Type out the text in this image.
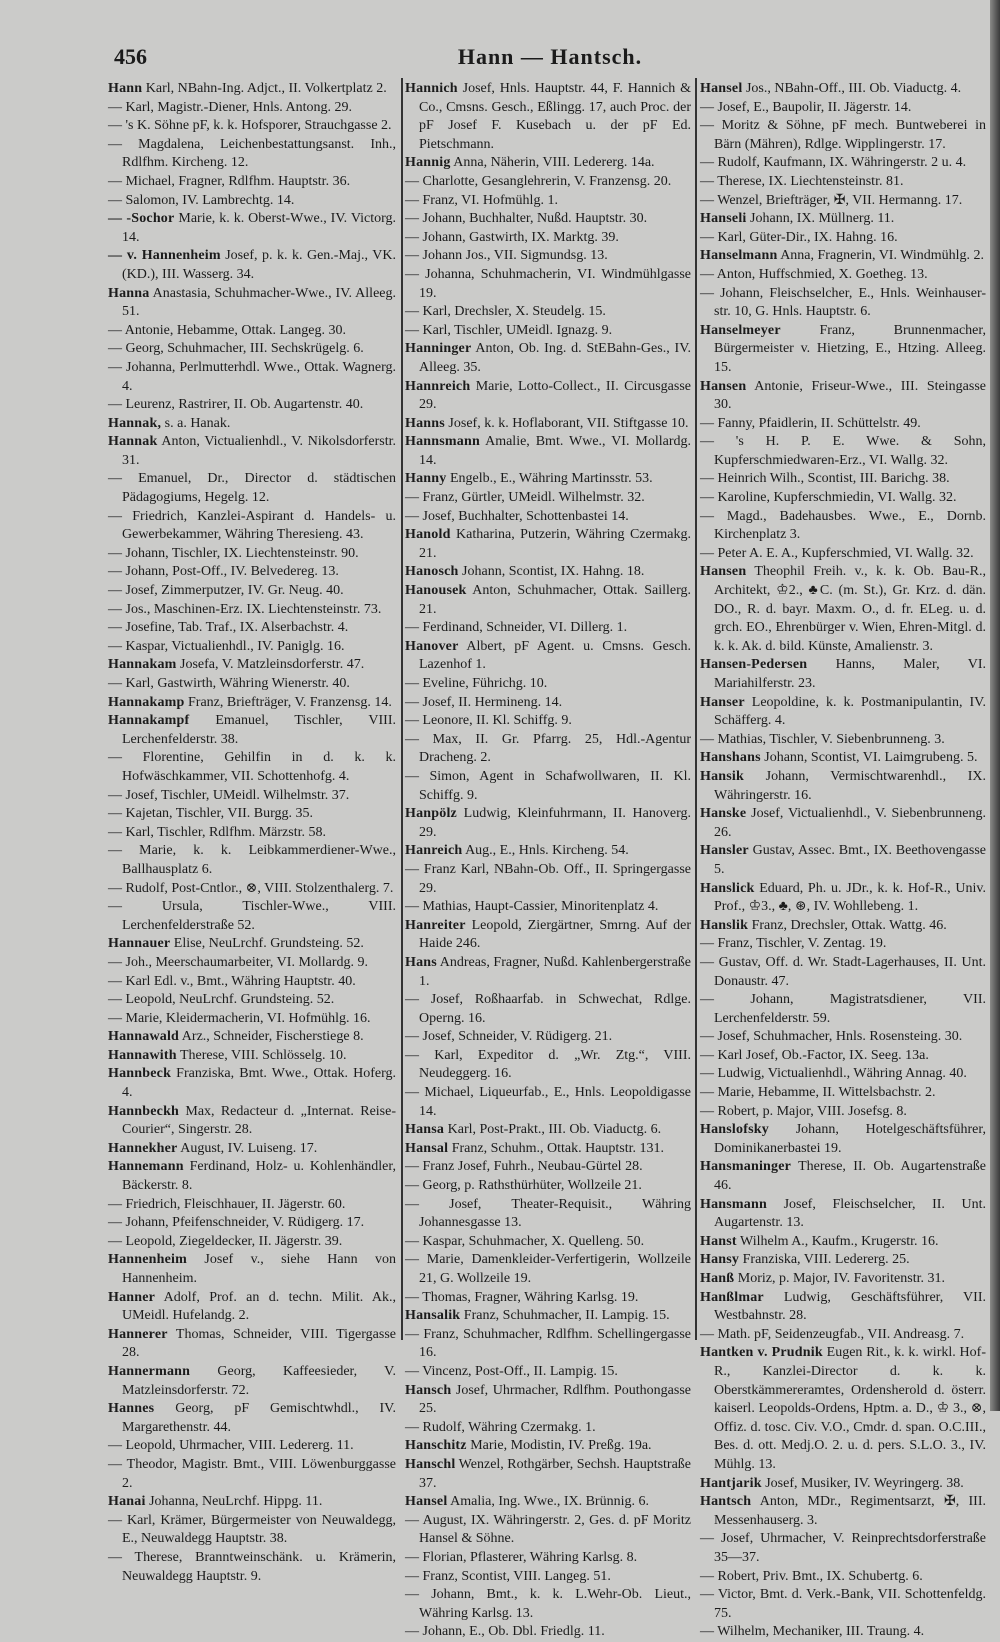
456	Hann — Hantsch.
Hann Karl, NBahn-Ing. Adjct., II. Volkertplatz 2.
— Karl, Magistr.-Diener, Hnls. Antong. 29.
— 's K. Söhne pF, k. k. Hofsporer, Strauchgasse 2.
— Magdalena, Leichenbestattungsanst. Inh., Rdlfhm. Kircheng. 12.
— Michael, Fragner, Rdlfhm. Hauptstr. 36.
— Salomon, IV. Lambrechtg. 14.
— -Sochor Marie, k. k. Oberst-Wwe., IV. Victorg. 14.
— v. Hannenheim Josef, p. k. k. Gen.-Maj., VK. (KD.), III. Wasserg. 34.
Hanna Anastasia, Schuhmacher-Wwe., IV. Alleeg. 51.
— Antonie, Hebamme, Ottak. Langeg. 30.
— Georg, Schuhmacher, III. Sechskrügelg. 6.
— Johanna, Perlmutterhdl. Wwe., Ottak. Wagnerg. 4.
— Leurenz, Rastrirer, II. Ob. Augartenstr. 40.
Hannak, s. a. Hanak.
Hannak Anton, Victualienhdl., V. Nikolsdorferstr. 31.
— Emanuel, Dr., Director d. städtischen Pädagogiums, Hegelg. 12.
— Friedrich, Kanzlei-Aspirant d. Handels- u. Gewerbekammer, Währing Theresieng. 43.
— Johann, Tischler, IX. Liechtensteinstr. 90.
— Johann, Post-Off., IV. Belvedereg. 13.
— Josef, Zimmerputzer, IV. Gr. Neug. 40.
— Jos., Maschinen-Erz. IX. Liechtensteinstr. 73.
— Josefine, Tab. Traf., IX. Alserbachstr. 4.
— Kaspar, Victualienhdl., IV. Paniglg. 16.
Hannakam Josefa, V. Matzleinsdorferstr. 47.
— Karl, Gastwirth, Währing Wienerstr. 40.
Hannakamp Franz, Briefträger, V. Franzensg. 14.
Hannakampf Emanuel, Tischler, VIII. Lerchenfelderstr. 38.
— Florentine, Gehilfin in d. k. k. Hofwäschkammer, VII. Schottenhofg. 4.
— Josef, Tischler, UMeidl. Wilhelmstr. 37.
— Kajetan, Tischler, VII. Burgg. 35.
— Karl, Tischler, Rdlfhm. Märzstr. 58.
— Marie, k. k. Leibkammerdiener-Wwe., Ballhausplatz 6.
— Rudolf, Post-Cntlor., ⊗, VIII. Stolzenthalerg. 7.
— Ursula, Tischler-Wwe., VIII. Lerchenfelderstraße 52.
Hannauer Elise, NeuLrchf. Grundsteing. 52.
— Joh., Meerschaumarbeiter, VI. Mollardg. 9.
— Karl Edl. v., Bmt., Währing Hauptstr. 40.
— Leopold, NeuLrchf. Grundsteing. 52.
— Marie, Kleidermacherin, VI. Hofmühlg. 16.
Hannawald Arz., Schneider, Fischerstiege 8.
Hannawith Therese, VIII. Schlösselg. 10.
Hannbeck Franziska, Bmt. Wwe., Ottak. Hoferg. 4.
Hannbeckh Max, Redacteur d. „Internat. Reise-Courier“, Singerstr. 28.
Hannekher August, IV. Luiseng. 17.
Hannemann Ferdinand, Holz- u. Kohlenhändler, Bäckerstr. 8.
— Friedrich, Fleischhauer, II. Jägerstr. 60.
— Johann, Pfeifenschneider, V. Rüdigerg. 17.
— Leopold, Ziegeldecker, II. Jägerstr. 39.
Hannenheim Josef v., siehe Hann von Hannenheim.
Hanner Adolf, Prof. an d. techn. Milit. Ak., UMeidl. Hufelandg. 2.
Hannerer Thomas, Schneider, VIII. Tigergasse 28.
Hannermann Georg, Kaffeesieder, V. Matzleinsdorferstr. 72.
Hannes Georg, pF Gemischtwhdl., IV. Margarethenstr. 44.
— Leopold, Uhrmacher, VIII. Ledererg. 11.
— Theodor, Magistr. Bmt., VIII. Löwenburggasse 2.
Hanai Johanna, NeuLrchf. Hippg. 11.
— Karl, Krämer, Bürgermeister von Neuwaldegg, E., Neuwaldegg Hauptstr. 38.
— Therese, Branntweinschänk. u. Krämerin, Neuwaldegg Hauptstr. 9.
Hannich Josef, Hnls. Hauptstr. 44, F. Hannich & Co., Cmsns. Gesch., Eßlingg. 17, auch Proc. der pF Josef F. Kusebach u. der pF Ed. Pietschmann.
Hannig Anna, Näherin, VIII. Ledererg. 14a.
— Charlotte, Gesanglehrerin, V. Franzensg. 20.
— Franz, VI. Hofmühlg. 1.
— Johann, Buchhalter, Nußd. Hauptstr. 30.
— Johann, Gastwirth, IX. Marktg. 39.
— Johann Jos., VII. Sigmundsg. 13.
— Johanna, Schuhmacherin, VI. Windmühlgasse 19.
— Karl, Drechsler, X. Steudelg. 15.
— Karl, Tischler, UMeidl. Ignazg. 9.
Hanninger Anton, Ob. Ing. d. StEBahn-Ges., IV. Alleeg. 35.
Hannreich Marie, Lotto-Collect., II. Circusgasse 29.
Hanns Josef, k. k. Hoflaborant, VII. Stiftgasse 10.
Hannsmann Amalie, Bmt. Wwe., VI. Mollardg. 14.
Hanny Engelb., E., Währing Martinsstr. 53.
— Franz, Gürtler, UMeidl. Wilhelmstr. 32.
— Josef, Buchhalter, Schottenbastei 14.
Hanold Katharina, Putzerin, Währing Czermakg. 21.
Hanosch Johann, Scontist, IX. Hahng. 18.
Hanousek Anton, Schuhmacher, Ottak. Saillerg. 21.
— Ferdinand, Schneider, VI. Dillerg. 1.
Hanover Albert, pF Agent. u. Cmsns. Gesch. Lazenhof 1.
— Eveline, Führichg. 10.
— Josef, II. Hermineng. 14.
— Leonore, II. Kl. Schiffg. 9.
— Max, II. Gr. Pfarrg. 25, Hdl.-Agentur Dracheng. 2.
— Simon, Agent in Schafwollwaren, II. Kl. Schiffg. 9.
Hanpölz Ludwig, Kleinfuhrmann, II. Hanoverg. 29.
Hanreich Aug., E., Hnls. Kircheng. 54.
— Franz Karl, NBahn-Ob. Off., II. Springergasse 29.
— Mathias, Haupt-Cassier, Minoritenplatz 4.
Hanreiter Leopold, Ziergärtner, Smrng. Auf der Haide 246.
Hans Andreas, Fragner, Nußd. Kahlenbergerstraße 1.
— Josef, Roßhaarfab. in Schwechat, Rdlge. Operng. 16.
— Josef, Schneider, V. Rüdigerg. 21.
— Karl, Expeditor d. „Wr. Ztg.“, VIII. Neudeggerg. 16.
— Michael, Liqueurfab., E., Hnls. Leopoldigasse 14.
Hansa Karl, Post-Prakt., III. Ob. Viaductg. 6.
Hansal Franz, Schuhm., Ottak. Hauptstr. 131.
— Franz Josef, Fuhrh., Neubau-Gürtel 28.
— Georg, p. Rathsthürhüter, Wollzeile 21.
— Josef, Theater-Requisit., Währing Johannesgasse 13.
— Kaspar, Schuhmacher, X. Quelleng. 50.
— Marie, Damenkleider-Verfertigerin, Wollzeile 21, G. Wollzeile 19.
— Thomas, Fragner, Währing Karlsg. 19.
Hansalik Franz, Schuhmacher, II. Lampig. 15.
— Franz, Schuhmacher, Rdlfhm. Schellingergasse 16.
— Vincenz, Post-Off., II. Lampig. 15.
Hansch Josef, Uhrmacher, Rdlfhm. Pouthongasse 25.
— Rudolf, Währing Czermakg. 1.
Hanschitz Marie, Modistin, IV. Preßg. 19a.
Hanschl Wenzel, Rothgärber, Sechsh. Hauptstraße 37.
Hansel Amalia, Ing. Wwe., IX. Brünnig. 6.
— August, IX. Währingerstr. 2, Ges. d. pF Moritz Hansel & Söhne.
— Florian, Pflasterer, Währing Karlsg. 8.
— Franz, Scontist, VIII. Langeg. 51.
— Johann, Bmt., k. k. L.Wehr-Ob. Lieut., Währing Karlsg. 13.
— Johann, E., Ob. Dbl. Friedlg. 11.
Hansel Jos., NBahn-Off., III. Ob. Viaductg. 4.
— Josef, E., Baupolir, II. Jägerstr. 14.
— Moritz & Söhne, pF mech. Buntweberei in Bärn (Mähren), Rdlge. Wipplingerstr. 17.
— Rudolf, Kaufmann, IX. Währingerstr. 2 u. 4.
— Therese, IX. Liechtensteinstr. 81.
— Wenzel, Briefträger, ✠, VII. Hermanng. 17.
Hanseli Johann, IX. Müllnerg. 11.
— Karl, Güter-Dir., IX. Hahng. 16.
Hanselmann Anna, Fragnerin, VI. Windmühlg. 2.
— Anton, Huffschmied, X. Goetheg. 13.
— Johann, Fleischselcher, E., Hnls. Weinhauser-str. 10, G. Hnls. Hauptstr. 6.
Hanselmeyer Franz, Brunnenmacher, Bürgermeister v. Hietzing, E., Htzing. Alleeg. 15.
Hansen Antonie, Friseur-Wwe., III. Steingasse 30.
— Fanny, Pfaidlerin, II. Schüttelstr. 49.
— 's H. P. E. Wwe. & Sohn, Kupferschmiedwaren-Erz., VI. Wallg. 32.
— Heinrich Wilh., Scontist, III. Barichg. 38.
— Karoline, Kupferschmiedin, VI. Wallg. 32.
— Magd., Badehausbes. Wwe., E., Dornb. Kirchenplatz 3.
— Peter A. E. A., Kupferschmied, VI. Wallg. 32.
Hansen Theophil Freih. v., k. k. Ob. Bau-R., Architekt, ♔2., ♣C. (m. St.), Gr. Krz. d. dän. DO., R. d. bayr. Maxm. O., d. fr. ELeg. u. d. grch. EO., Ehrenbürger v. Wien, Ehren-Mitgl. d. k. k. Ak. d. bild. Künste, Amalienstr. 3.
Hansen-Pedersen Hanns, Maler, VI. Mariahilferstr. 23.
Hanser Leopoldine, k. k. Postmanipulantin, IV. Schäfferg. 4.
— Mathias, Tischler, V. Siebenbrunneng. 3.
Hanshans Johann, Scontist, VI. Laimgrubeng. 5.
Hansik Johann, Vermischtwarenhdl., IX. Währingerstr. 16.
Hanske Josef, Victualienhdl., V. Siebenbrunneng. 26.
Hansler Gustav, Assec. Bmt., IX. Beethovengasse 5.
Hanslick Eduard, Ph. u. JDr., k. k. Hof-R., Univ. Prof., ♔3., ♣, ⊛, IV. Wohllebeng. 1.
Hanslik Franz, Drechsler, Ottak. Wattg. 46.
— Franz, Tischler, V. Zentag. 19.
— Gustav, Off. d. Wr. Stadt-Lagerhauses, II. Unt. Donaustr. 47.
— Johann, Magistratsdiener, VII. Lerchenfelderstr. 59.
— Josef, Schuhmacher, Hnls. Rosensteing. 30.
— Karl Josef, Ob.-Factor, IX. Seeg. 13a.
— Ludwig, Victualienhdl., Währing Annag. 40.
— Marie, Hebamme, II. Wittelsbachstr. 2.
— Robert, p. Major, VIII. Josefsg. 8.
Hanslofsky Johann, Hotelgeschäftsführer, Dominikanerbastei 19.
Hansmaninger Therese, II. Ob. Augartenstraße 46.
Hansmann Josef, Fleischselcher, II. Unt. Augartenstr. 13.
Hanst Wilhelm A., Kaufm., Krugerstr. 16.
Hansy Franziska, VIII. Ledererg. 25.
Hanß Moriz, p. Major, IV. Favoritenstr. 31.
Hanßlmar Ludwig, Geschäftsführer, VII. Westbahnstr. 28.
— Math. pF, Seidenzeugfab., VII. Andreasg. 7.
Hantken v. Prudnik Eugen Rit., k. k. wirkl. Hof-R., Kanzlei-Director d. k. k. Oberstkämmereramtes, Ordensherold d. österr. kaiserl. Leopolds-Ordens, Hptm. a. D., ♔ 3., ⊗, Offiz. d. tosc. Civ. V.O., Cmdr. d. span. O.C.III., Bes. d. ott. Medj.O. 2. u. d. pers. S.L.O. 3., IV. Mühlg. 13.
Hantjarik Josef, Musiker, IV. Weyringerg. 38.
Hantsch Anton, MDr., Regimentsarzt, ✠, III. Messenhauserg. 3.
— Josef, Uhrmacher, V. Reinprechtsdorferstraße 35—37.
— Robert, Priv. Bmt., IX. Schubertg. 6.
— Victor, Bmt. d. Verk.-Bank, VII. Schottenfeldg. 75.
— Wilhelm, Mechaniker, III. Traung. 4.
